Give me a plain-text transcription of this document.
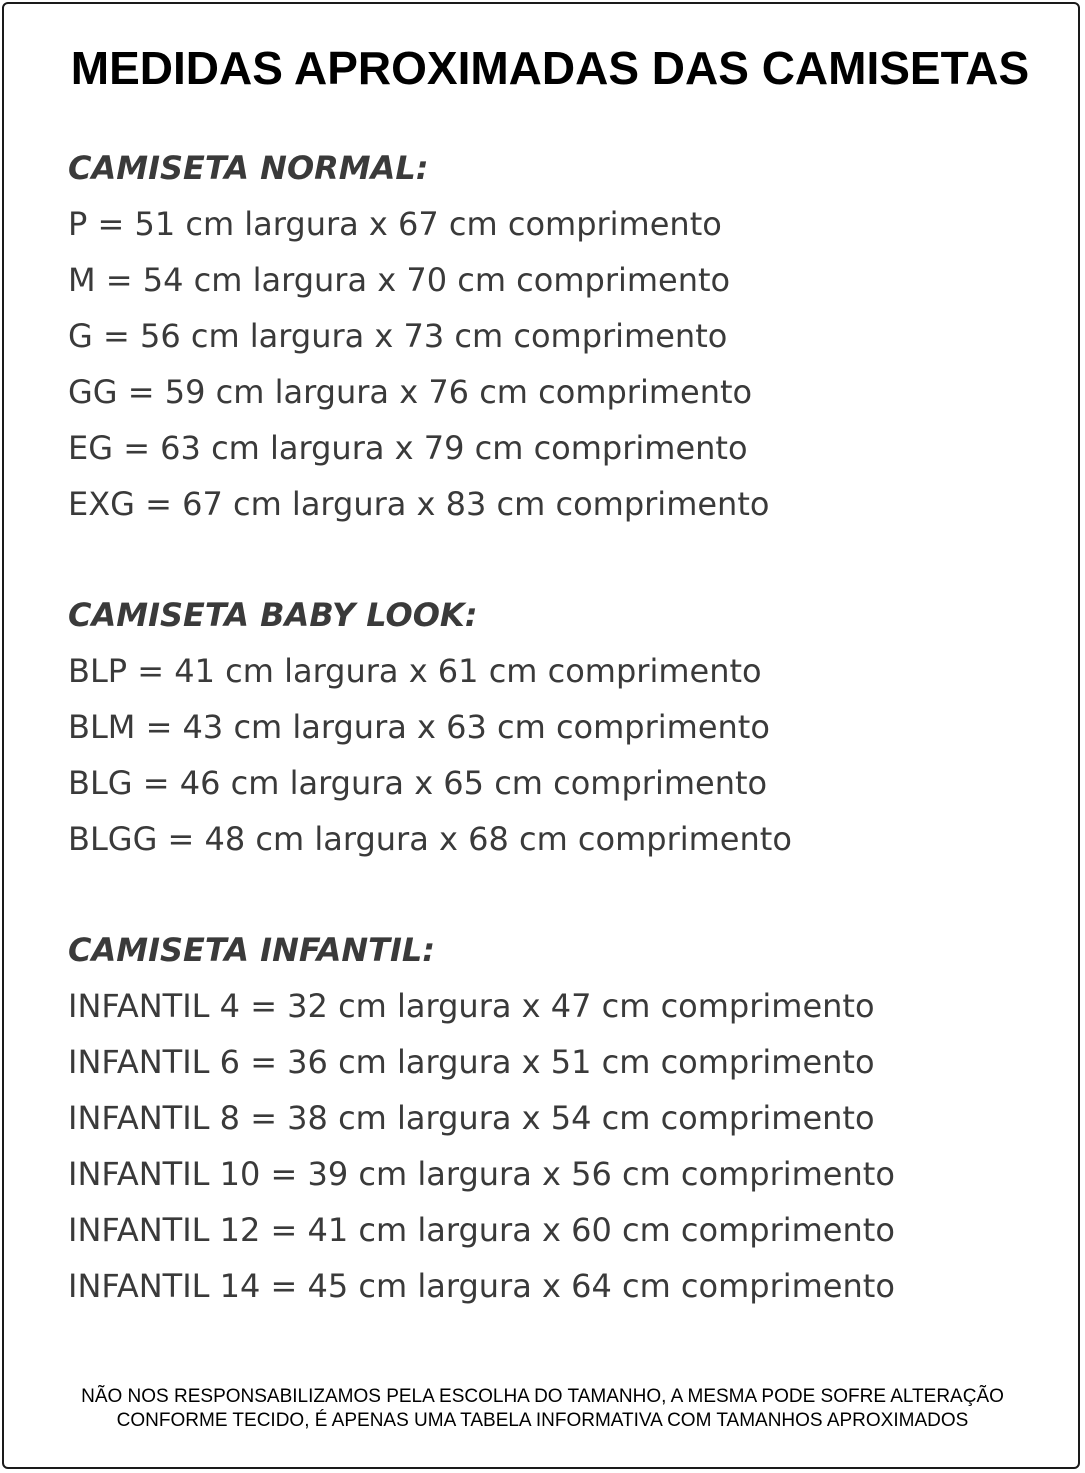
MEDIDAS APROXIMADAS DAS CAMISETAS
CAMISETA NORMAL:
P = 51 cm largura x 67 cm comprimento
M = 54 cm largura x 70 cm comprimento
G = 56 cm largura x 73 cm comprimento
GG = 59 cm largura x 76 cm comprimento
EG = 63 cm largura x 79 cm comprimento
EXG = 67 cm largura x 83 cm comprimento
CAMISETA BABY LOOK:
BLP = 41 cm largura x 61 cm comprimento
BLM = 43 cm largura x 63 cm comprimento
BLG = 46 cm largura x 65 cm comprimento
BLGG = 48 cm largura x 68 cm comprimento
CAMISETA INFANTIL:
INFANTIL 4 = 32 cm largura x 47 cm comprimento
INFANTIL 6 = 36 cm largura x 51 cm comprimento
INFANTIL 8 = 38 cm largura x 54 cm comprimento
INFANTIL 10 = 39 cm largura x 56 cm comprimento
INFANTIL 12 = 41 cm largura x 60 cm comprimento
INFANTIL 14 = 45 cm largura x 64 cm comprimento
NÃO NOS RESPONSABILIZAMOS PELA ESCOLHA DO TAMANHO, A MESMA PODE SOFRE ALTERAÇÃO
CONFORME TECIDO, É APENAS UMA TABELA INFORMATIVA COM TAMANHOS APROXIMADOS
